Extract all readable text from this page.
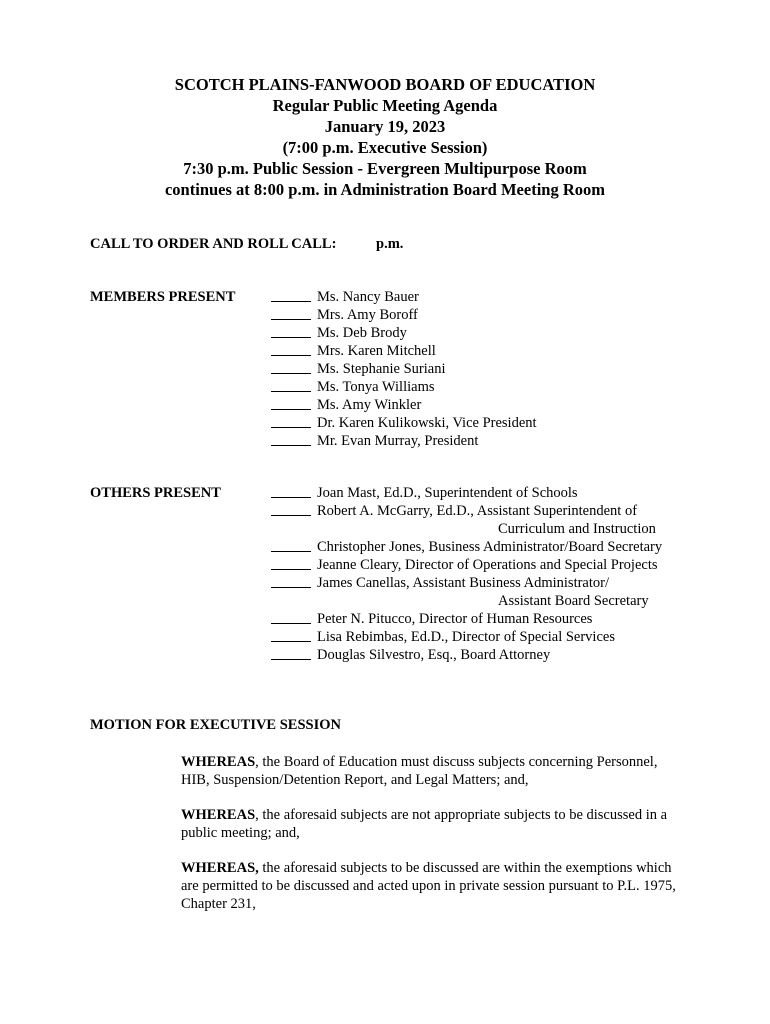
SCOTCH PLAINS-FANWOOD BOARD OF EDUCATION
Regular Public Meeting Agenda
January 19, 2023
(7:00 p.m. Executive Session)
7:30 p.m. Public Session - Evergreen Multipurpose Room
continues at 8:00 p.m. in Administration Board Meeting Room
CALL TO ORDER AND ROLL CALL:	p.m.
MEMBERS PRESENT	Ms. Nancy Bauer
Mrs. Amy Boroff
Ms. Deb Brody
Mrs. Karen Mitchell
Ms. Stephanie Suriani
Ms. Tonya Williams
Ms. Amy Winkler
Dr. Karen Kulikowski, Vice President
Mr. Evan Murray, President
OTHERS PRESENT	Joan Mast, Ed.D., Superintendent of Schools
Robert A. McGarry, Ed.D., Assistant Superintendent of
Curriculum and Instruction
Christopher Jones, Business Administrator/Board Secretary
Jeanne Cleary, Director of Operations and Special Projects
James Canellas, Assistant Business Administrator/
Assistant Board Secretary
Peter N. Pitucco, Director of Human Resources
Lisa Rebimbas, Ed.D., Director of Special Services
Douglas Silvestro, Esq., Board Attorney
MOTION FOR EXECUTIVE SESSION
WHEREAS, the Board of Education must discuss subjects concerning Personnel, HIB, Suspension/Detention Report, and Legal Matters; and,
WHEREAS, the aforesaid subjects are not appropriate subjects to be discussed in a public meeting; and,
WHEREAS, the aforesaid subjects to be discussed are within the exemptions which are permitted to be discussed and acted upon in private session pursuant to P.L. 1975, Chapter 231,
